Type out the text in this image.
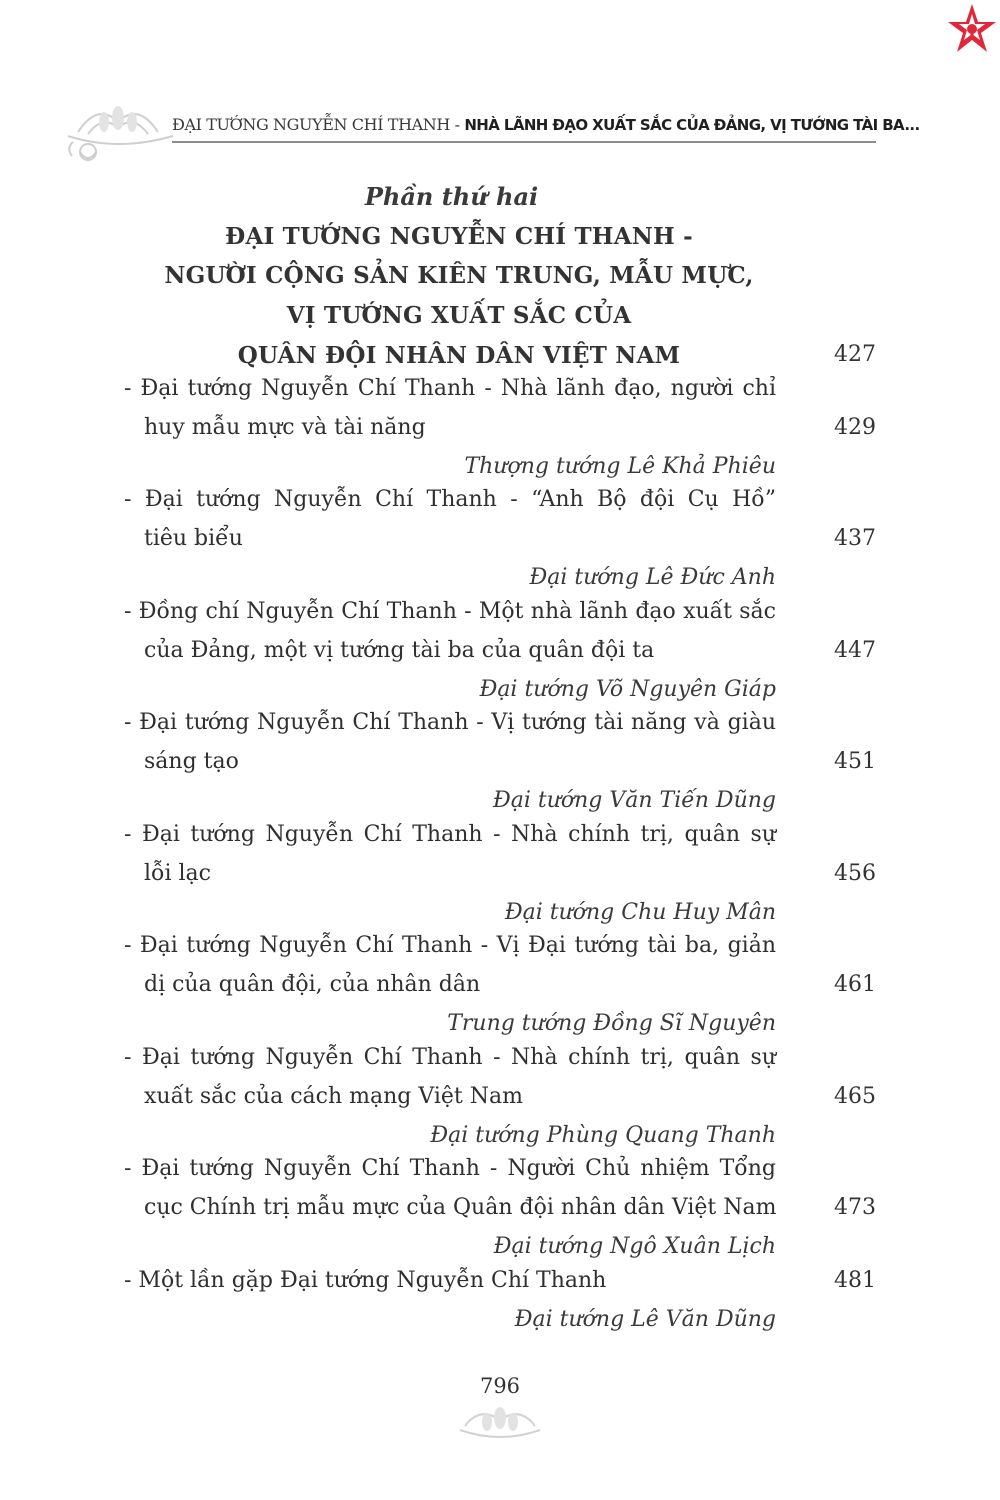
ĐẠI TƯỚNG NGUYỄN CHÍ THANH - NHÀ LÃNH ĐẠO XUẤT SẮC CỦA ĐẢNG, VỊ TƯỚNG TÀI BA...
Phần thứ hai
ĐẠI TƯỚNG NGUYỄN CHÍ THANH -
NGƯỜI CỘNG SẢN KIÊN TRUNG, MẪU MỰC,
VỊ TƯỚNG XUẤT SẮC CỦA
QUÂN ĐỘI NHÂN DÂN VIỆT NAM	427
- Đại tướng Nguyễn Chí Thanh - Nhà lãnh đạo, người chỉ
huy mẫu mực và tài năng	429
Thượng tướng Lê Khả Phiêu
- Đại tướng Nguyễn Chí Thanh - “Anh Bộ đội Cụ Hồ”
tiêu biểu	437
Đại tướng Lê Đức Anh
- Đồng chí Nguyễn Chí Thanh - Một nhà lãnh đạo xuất sắc
của Đảng, một vị tướng tài ba của quân đội ta	447
Đại tướng Võ Nguyên Giáp
- Đại tướng Nguyễn Chí Thanh - Vị tướng tài năng và giàu
sáng tạo	451
Đại tướng Văn Tiến Dũng
- Đại tướng Nguyễn Chí Thanh - Nhà chính trị, quân sự
lỗi lạc	456
Đại tướng Chu Huy Mân
- Đại tướng Nguyễn Chí Thanh - Vị Đại tướng tài ba, giản
dị của quân đội, của nhân dân	461
Trung tướng Đồng Sĩ Nguyên
- Đại tướng Nguyễn Chí Thanh - Nhà chính trị, quân sự
xuất sắc của cách mạng Việt Nam	465
Đại tướng Phùng Quang Thanh
- Đại tướng Nguyễn Chí Thanh - Người Chủ nhiệm Tổng
cục Chính trị mẫu mực của Quân đội nhân dân Việt Nam	473
Đại tướng Ngô Xuân Lịch
- Một lần gặp Đại tướng Nguyễn Chí Thanh	481
Đại tướng Lê Văn Dũng
796
